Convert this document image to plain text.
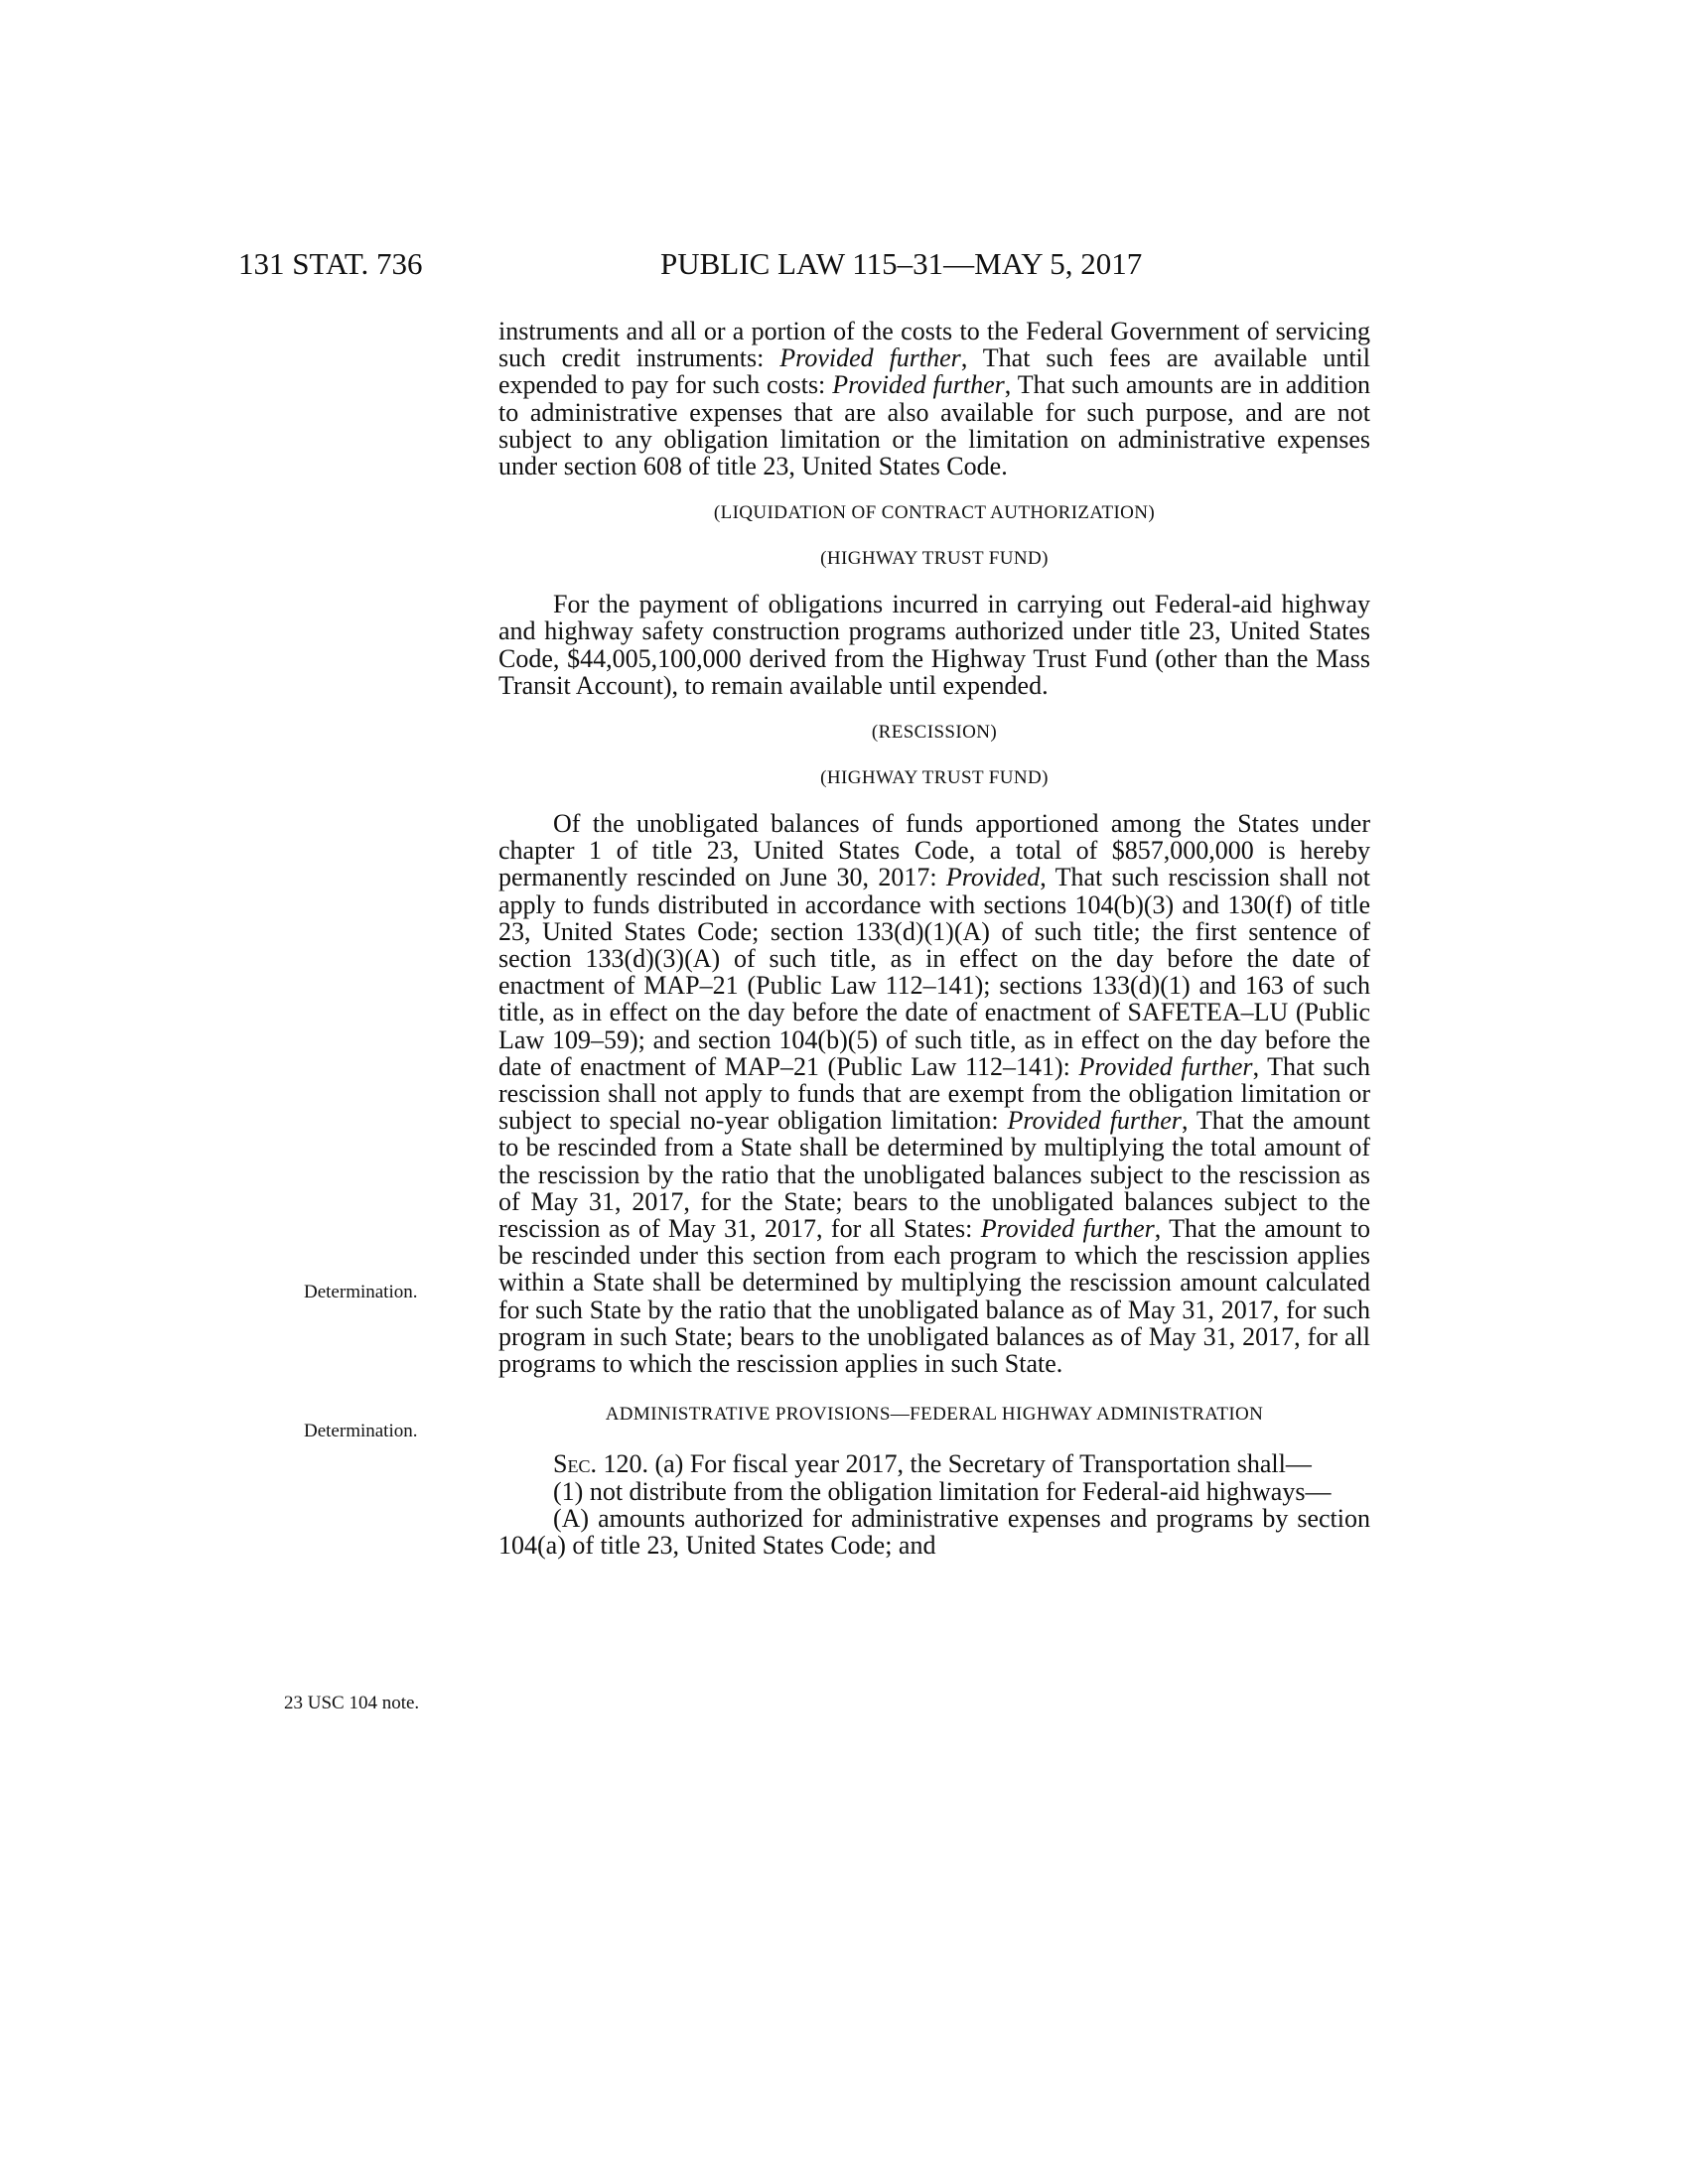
131 STAT. 736	PUBLIC LAW 115–31—MAY 5, 2017
Determination.
Determination.
23 USC 104 note.

instruments and all or a portion of the costs to the Federal Government of servicing such credit instruments: Provided further, That such fees are available until expended to pay for such costs: Provided further, That such amounts are in addition to administrative expenses that are also available for such purpose, and are not subject to any obligation limitation or the limitation on administrative expenses under section 608 of title 23, United States Code.

(LIQUIDATION OF CONTRACT AUTHORIZATION)

(HIGHWAY TRUST FUND)

For the payment of obligations incurred in carrying out Federal-aid highway and highway safety construction programs authorized under title 23, United States Code, $44,005,100,000 derived from the Highway Trust Fund (other than the Mass Transit Account), to remain available until expended.

(RESCISSION)

(HIGHWAY TRUST FUND)

Of the unobligated balances of funds apportioned among the States under chapter 1 of title 23, United States Code, a total of $857,000,000 is hereby permanently rescinded on June 30, 2017: Provided, That such rescission shall not apply to funds distributed in accordance with sections 104(b)(3) and 130(f) of title 23, United States Code; section 133(d)(1)(A) of such title; the first sentence of section 133(d)(3)(A) of such title, as in effect on the day before the date of enactment of MAP–21 (Public Law 112–141); sections 133(d)(1) and 163 of such title, as in effect on the day before the date of enactment of SAFETEA–LU (Public Law 109–59); and section 104(b)(5) of such title, as in effect on the day before the date of enactment of MAP–21 (Public Law 112–141): Provided further, That such rescission shall not apply to funds that are exempt from the obligation limitation or subject to special no-year obligation limitation: Provided further, That the amount to be rescinded from a State shall be determined by multiplying the total amount of the rescission by the ratio that the unobligated balances subject to the rescission as of May 31, 2017, for the State; bears to the unobligated balances subject to the rescission as of May 31, 2017, for all States: Provided further, That the amount to be rescinded under this section from each program to which the rescission applies within a State shall be determined by multiplying the rescission amount calculated for such State by the ratio that the unobligated balance as of May 31, 2017, for such program in such State; bears to the unobligated balances as of May 31, 2017, for all programs to which the rescission applies in such State.

ADMINISTRATIVE PROVISIONS—FEDERAL HIGHWAY ADMINISTRATION

Sec. 120. (a) For fiscal year 2017, the Secretary of Transportation shall—

(1) not distribute from the obligation limitation for Federal-aid highways—

(A) amounts authorized for administrative expenses and programs by section 104(a) of title 23, United States Code; and
